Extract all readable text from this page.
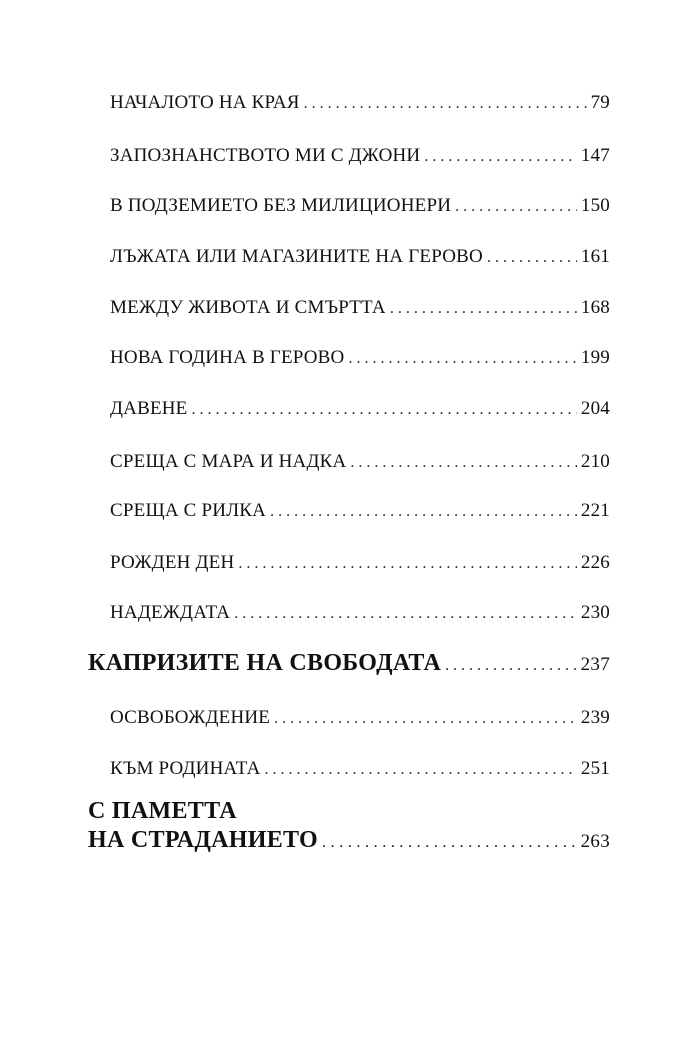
НАЧАЛОТО НА КРАЯ . . .	79
ЗАПОЗНАНСТВОТО МИ С ДЖОНИ . . .	147
В ПОДЗЕМИЕТО БЕЗ МИЛИЦИОНЕРИ . . .	150
ЛЪЖАТА ИЛИ МАГАЗИНИТЕ НА ГЕРОВО . . .	161
МЕЖДУ ЖИВОТА И СМЪРТТА . . .	168
НОВА ГОДИНА В ГЕРОВО . . .	199
ДАВЕНЕ . . .	204
СРЕЩА С МАРА И НАДКА . . .	210
СРЕЩА С РИЛКА . . .	221
РОЖДЕН ДЕН . . .	226
НАДЕЖДАТА . . .	230
КАПРИЗИТЕ НА СВОБОДАТА . . .	237
ОСВОБОЖДЕНИЕ . . .	239
КЪМ РОДИНАТА . . .	251
С ПАМЕТТА
НА СТРАДАНИЕТО . . .	263
